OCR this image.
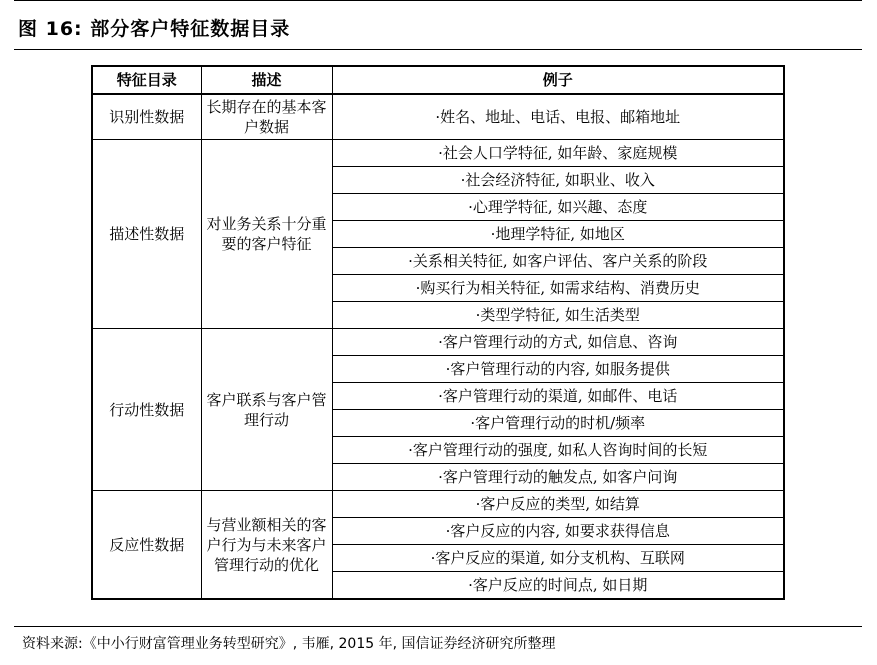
图 16: 部分客户特征数据目录
特征目录	描述	例子
识别性数据	长期存在的基本客户数据	·姓名、地址、电话、电报、邮箱地址
描述性数据	对业务关系十分重要的客户特征	·社会人口学特征, 如年龄、家庭规模
		·社会经济特征, 如职业、收入
		·心理学特征, 如兴趣、态度
		·地理学特征, 如地区
		·关系相关特征, 如客户评估、客户关系的阶段
		·购买行为相关特征, 如需求结构、消费历史
		·类型学特征, 如生活类型
行动性数据	客户联系与客户管理行动	·客户管理行动的方式, 如信息、咨询
		·客户管理行动的内容, 如服务提供
		·客户管理行动的渠道, 如邮件、电话
		·客户管理行动的时机/频率
		·客户管理行动的强度, 如私人咨询时间的长短
		·客户管理行动的触发点, 如客户问询
反应性数据	与营业额相关的客户行为与未来客户管理行动的优化	·客户反应的类型, 如结算
		·客户反应的内容, 如要求获得信息
		·客户反应的渠道, 如分支机构、互联网
		·客户反应的时间点, 如日期
资料来源:《中小行财富管理业务转型研究》, 韦雁, 2015 年, 国信证券经济研究所整理
